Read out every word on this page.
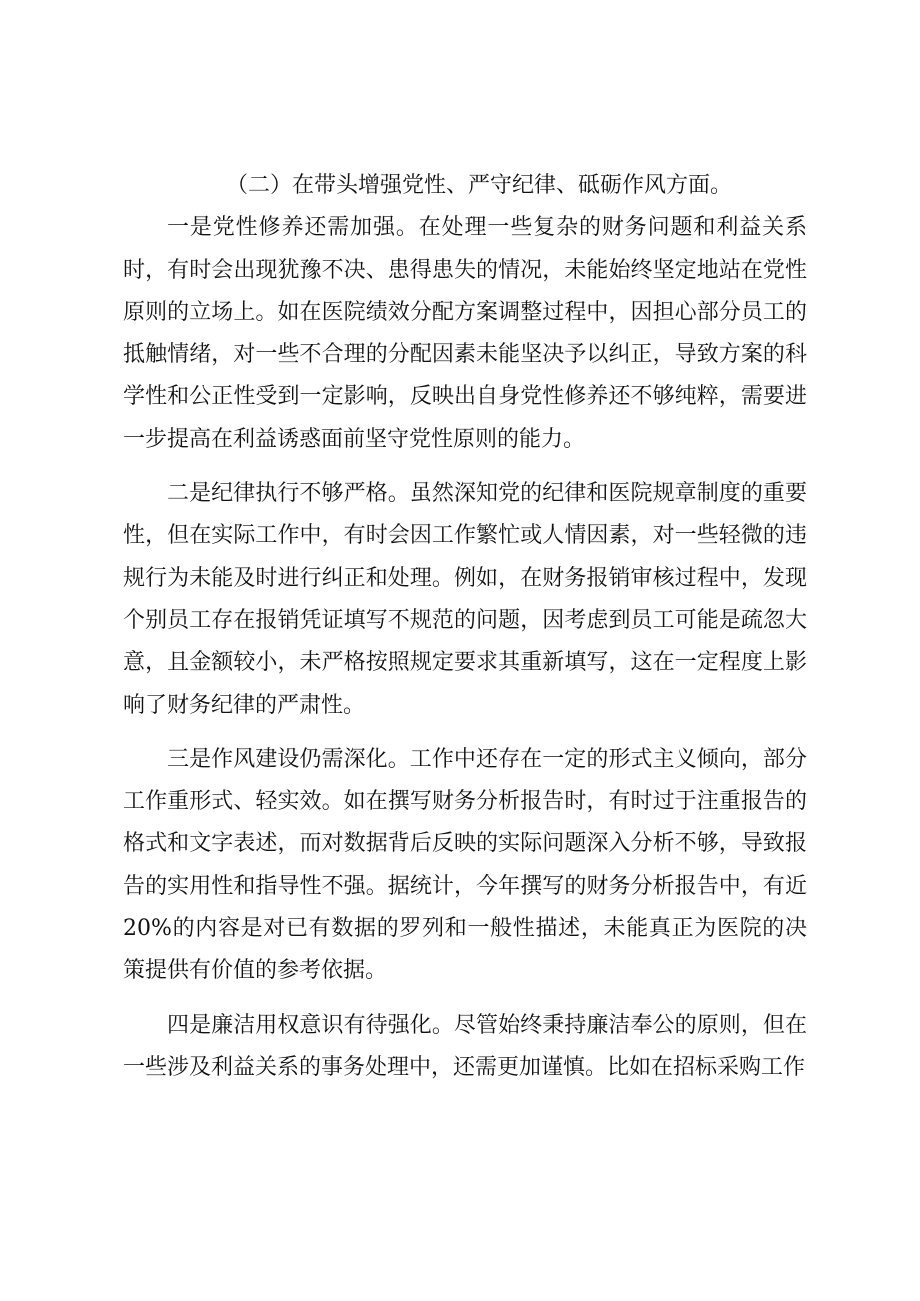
（二）在带头增强党性、严守纪律、砥砺作风方面。

一是党性修养还需加强。在处理一些复杂的财务问题和利益关系时，有时会出现犹豫不决、患得患失的情况，未能始终坚定地站在党性原则的立场上。如在医院绩效分配方案调整过程中，因担心部分员工的抵触情绪，对一些不合理的分配因素未能坚决予以纠正，导致方案的科学性和公正性受到一定影响，反映出自身党性修养还不够纯粹，需要进一步提高在利益诱惑面前坚守党性原则的能力。

二是纪律执行不够严格。虽然深知党的纪律和医院规章制度的重要性，但在实际工作中，有时会因工作繁忙或人情因素，对一些轻微的违规行为未能及时进行纠正和处理。例如，在财务报销审核过程中，发现个别员工存在报销凭证填写不规范的问题，因考虑到员工可能是疏忽大意，且金额较小，未严格按照规定要求其重新填写，这在一定程度上影响了财务纪律的严肃性。

三是作风建设仍需深化。工作中还存在一定的形式主义倾向，部分工作重形式、轻实效。如在撰写财务分析报告时，有时过于注重报告的格式和文字表述，而对数据背后反映的实际问题深入分析不够，导致报告的实用性和指导性不强。据统计，今年撰写的财务分析报告中，有近20%的内容是对已有数据的罗列和一般性描述，未能真正为医院的决策提供有价值的参考依据。

四是廉洁用权意识有待强化。尽管始终秉持廉洁奉公的原则，但在一些涉及利益关系的事务处理中，还需更加谨慎。比如在招标采购工作
